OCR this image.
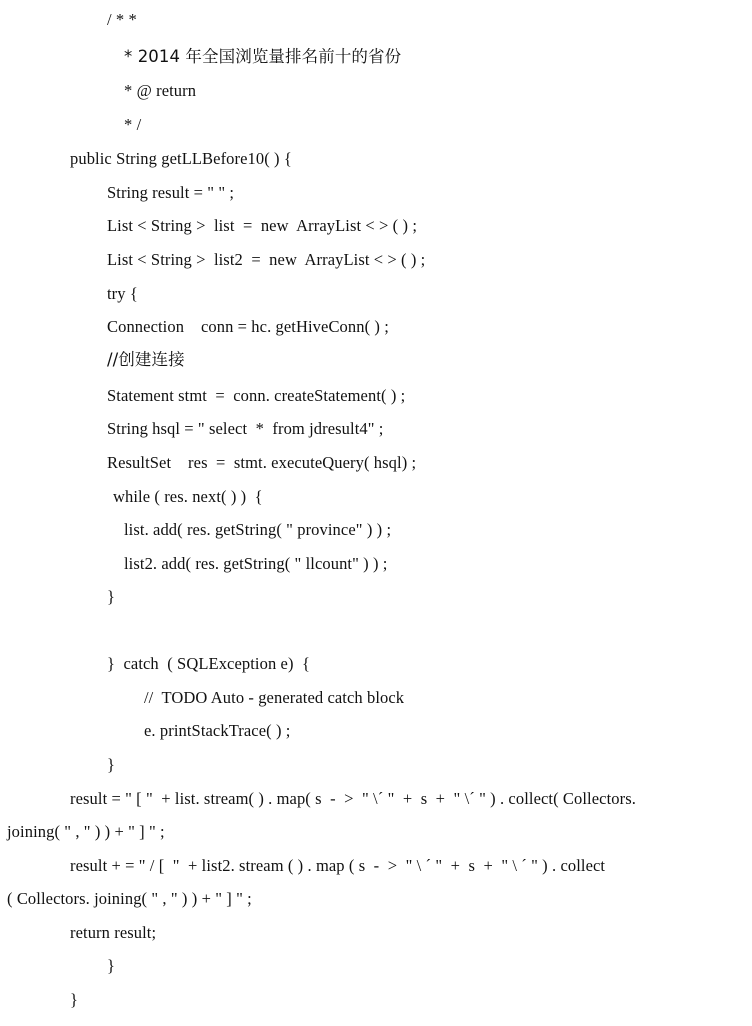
/ * *
* 2014 年全国浏览量排名前十的省份
* @ return
* /
public String getLLBefore10( ) {
String result = " " ;
List < String >  list  =  new  ArrayList < > ( ) ;
List < String >  list2  =  new  ArrayList < > ( ) ;
try {
Connection    conn = hc. getHiveConn( ) ;
//创建连接
Statement stmt  =  conn. createStatement( ) ;
String hsql = " select  *  from jdresult4" ;
ResultSet    res  =  stmt. executeQuery( hsql) ;
while ( res. next( ) )  {
list. add( res. getString( " province" ) ) ;
list2. add( res. getString( " llcount" ) ) ;
}
}  catch  ( SQLException e)  {
//  TODO Auto - generated catch block
e. printStackTrace( ) ;
}
result = " [ "  + list. stream( ) . map( s  -  >  " \´ "  +  s  +  " \´ " ) . collect( Collectors.
joining( " , " ) ) + " ] " ;
result + = " / [  "  + list2. stream ( ) . map ( s  -  >  " \ ´ "  +  s  +  " \ ´ " ) . collect
( Collectors. joining( " , " ) ) + " ] " ;
return result;
}
}
